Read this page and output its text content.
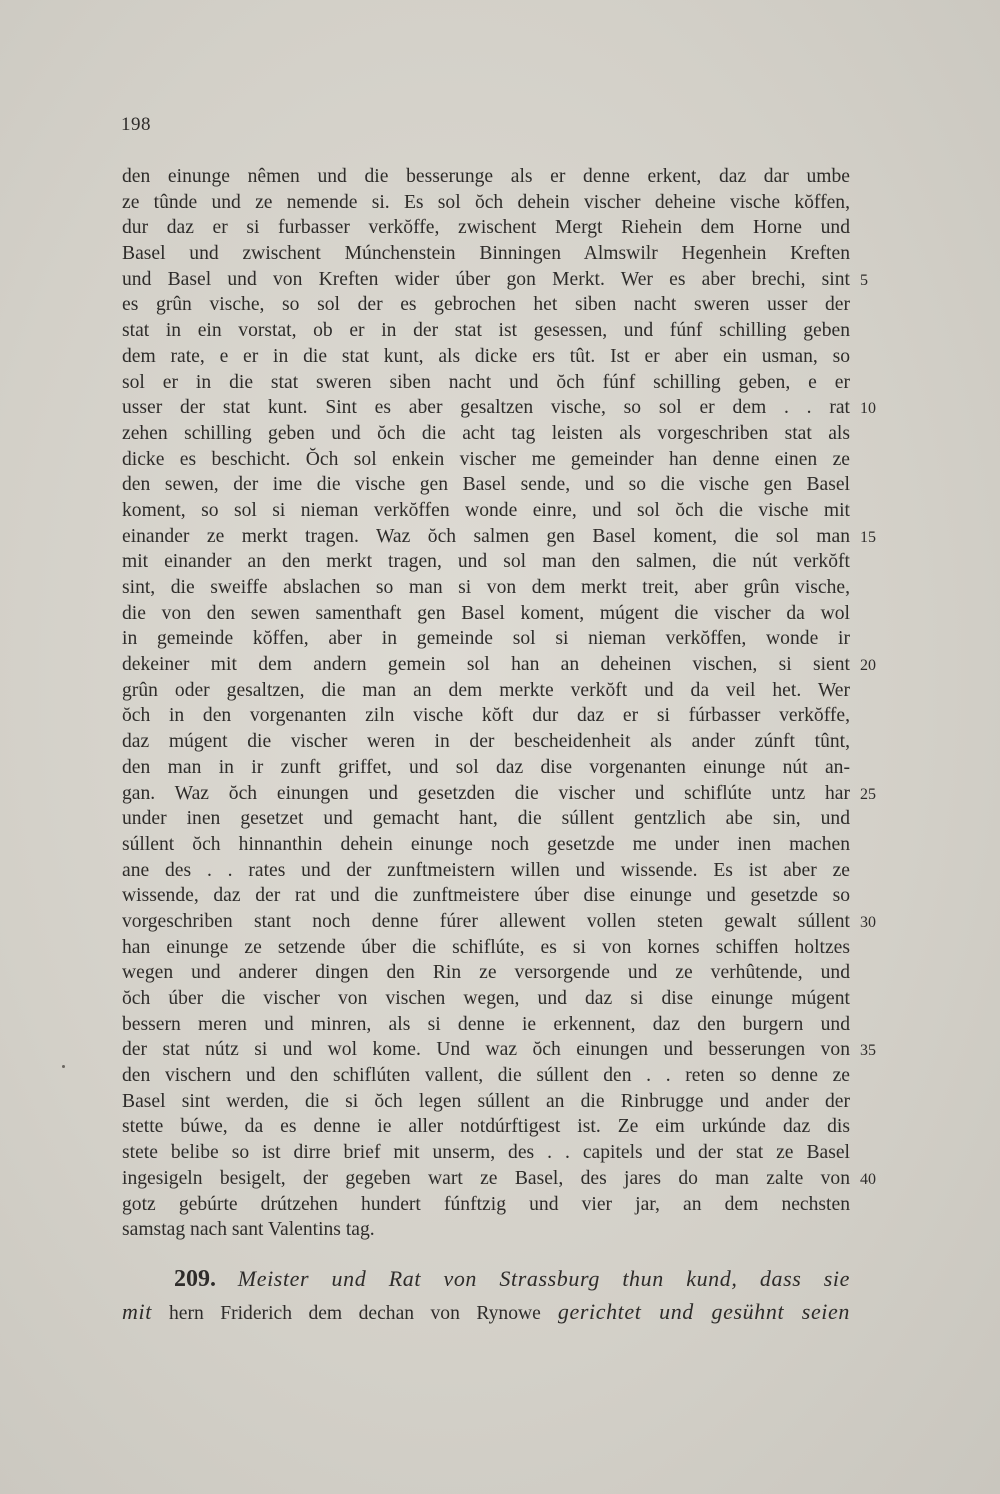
198
den einunge nêmen und die besserunge als er denne erkent, daz dar umbe
ze tûnde und ze nemende si. Es sol ŏch dehein vischer deheine vische kŏffen,
dur daz er si furbasser verkŏffe, zwischent Mergt Riehein dem Horne und
Basel und zwischent Múnchenstein Binningen Almswilr Hegenhein Kreften
und Basel und von Kreften wider úber gon Merkt. Wer es aber brechi, sint 5
es grûn vische, so sol der es gebrochen het siben nacht sweren usser der
stat in ein vorstat, ob er in der stat ist gesessen, und fúnf schilling geben
dem rate, e er in die stat kunt, als dicke ers tût. Ist er aber ein usman, so
sol er in die stat sweren siben nacht und ŏch fúnf schilling geben, e er
usser der stat kunt. Sint es aber gesaltzen vische, so sol er dem . . rat 10
zehen schilling geben und ŏch die acht tag leisten als vorgeschriben stat als
dicke es beschicht. Ŏch sol enkein vischer me gemeinder han denne einen ze
den sewen, der ime die vische gen Basel sende, und so die vische gen Basel
koment, so sol si nieman verkŏffen wonde einre, und sol ŏch die vische mit
einander ze merkt tragen. Waz ŏch salmen gen Basel koment, die sol man 15
mit einander an den merkt tragen, und sol man den salmen, die nút verkŏft
sint, die sweiffe abslachen so man si von dem merkt treit, aber grûn vische,
die von den sewen samenthaft gen Basel koment, múgent die vischer da wol
in gemeinde kŏffen, aber in gemeinde sol si nieman verkŏffen, wonde ir
dekeiner mit dem andern gemein sol han an deheinen vischen, si sient 20
grûn oder gesaltzen, die man an dem merkte verkŏft und da veil het. Wer
ŏch in den vorgenanten ziln vische kŏft dur daz er si fúrbasser verkŏffe,
daz múgent die vischer weren in der bescheidenheit als ander zúnft tûnt,
den man in ir zunft griffet, und sol daz dise vorgenanten einunge nút an-
gan. Waz ŏch einungen und gesetzden die vischer und schiflúte untz har 25
under inen gesetzet und gemacht hant, die súllent gentzlich abe sin, und
súllent ŏch hinnanthin dehein einunge noch gesetzde me under inen machen
ane des . . rates und der zunftmeistern willen und wissende. Es ist aber ze
wissende, daz der rat und die zunftmeistere úber dise einunge und gesetzde so
vorgeschriben stant noch denne fúrer allewent vollen steten gewalt súllent 30
han einunge ze setzende úber die schiflúte, es si von kornes schiffen holtzes
wegen und anderer dingen den Rin ze versorgende und ze verhûtende, und
ŏch úber die vischer von vischen wegen, und daz si dise einunge múgent
bessern meren und minren, als si denne ie erkennent, daz den burgern und
der stat nútz si und wol kome. Und waz ŏch einungen und besserungen von 35
den vischern und den schiflúten vallent, die súllent den . . reten so denne ze
Basel sint werden, die si ŏch legen súllent an die Rinbrugge und ander der
stette búwe, da es denne ie aller notdúrftigest ist. Ze eim urkúnde daz dis
stete belibe so ist dirre brief mit unserm, des . . capitels und der stat ze Basel
ingesigeln besigelt, der gegeben wart ze Basel, des jares do man zalte von 40
gotz gebúrte drútzehen hundert fúnftzig und vier jar, an dem nechsten
samstag nach sant Valentins tag.
209. Meister und Rat von Strassburg thun kund, dass sie
mit hern Friderich dem dechan von Rynowe gerichtet und gesühnt seien
